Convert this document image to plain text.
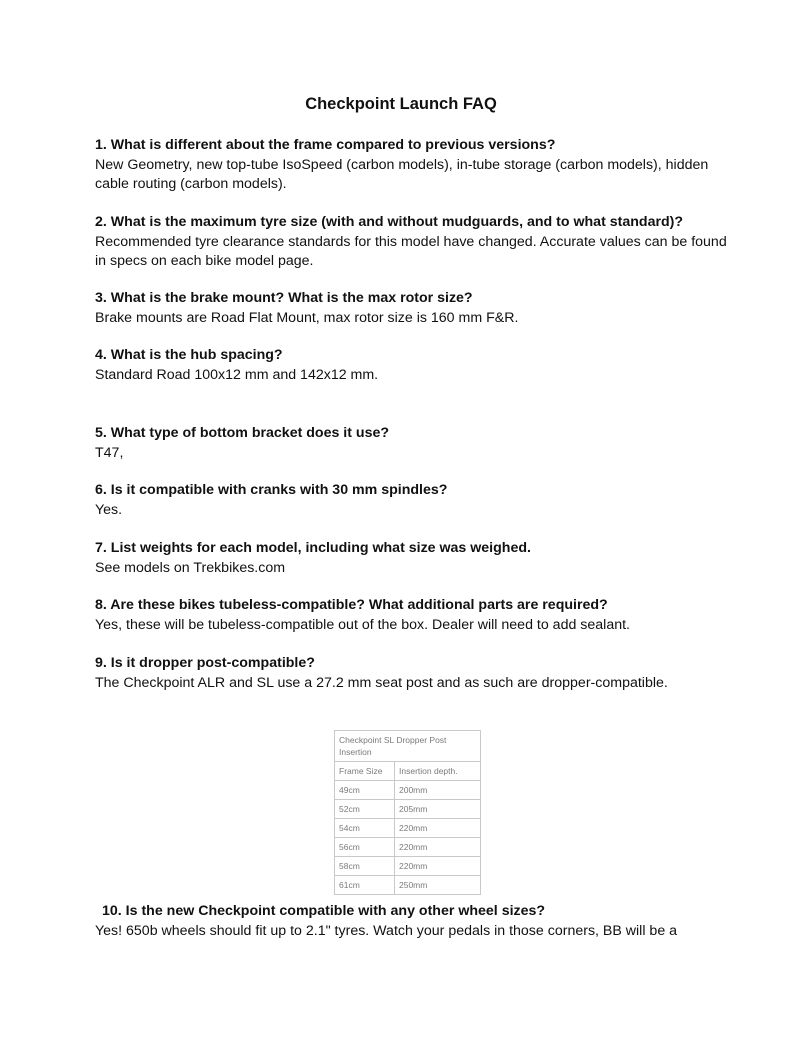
Checkpoint Launch FAQ
1. What is different about the frame compared to previous versions?
New Geometry, new top-tube IsoSpeed (carbon models), in-tube storage (carbon models), hidden cable routing (carbon models).
2. What is the maximum tyre size (with and without mudguards, and to what standard)?
Recommended tyre clearance standards for this model have changed. Accurate values can be found in specs on each bike model page.
3. What is the brake mount? What is the max rotor size?
Brake mounts are Road Flat Mount, max rotor size is 160 mm F&R.
4. What is the hub spacing?
Standard Road 100x12 mm and 142x12 mm.
5. What type of bottom bracket does it use?
T47,
6. Is it compatible with cranks with 30 mm spindles?
Yes.
7. List weights for each model, including what size was weighed.
See models on Trekbikes.com
8. Are these bikes tubeless-compatible? What additional parts are required?
Yes, these will be tubeless-compatible out of the box. Dealer will need to add sealant.
9. Is it dropper post-compatible?
The Checkpoint ALR and SL use a 27.2 mm seat post and as such are dropper-compatible.
Checkpoint SL Dropper Post Insertion	
Frame Size	Insertion depth.
49cm	200mm
52cm	205mm
54cm	220mm
56cm	220mm
58cm	220mm
61cm	250mm
10. Is the new Checkpoint compatible with any other wheel sizes?
Yes! 650b wheels should fit up to 2.1" tyres. Watch your pedals in those corners, BB will be a
